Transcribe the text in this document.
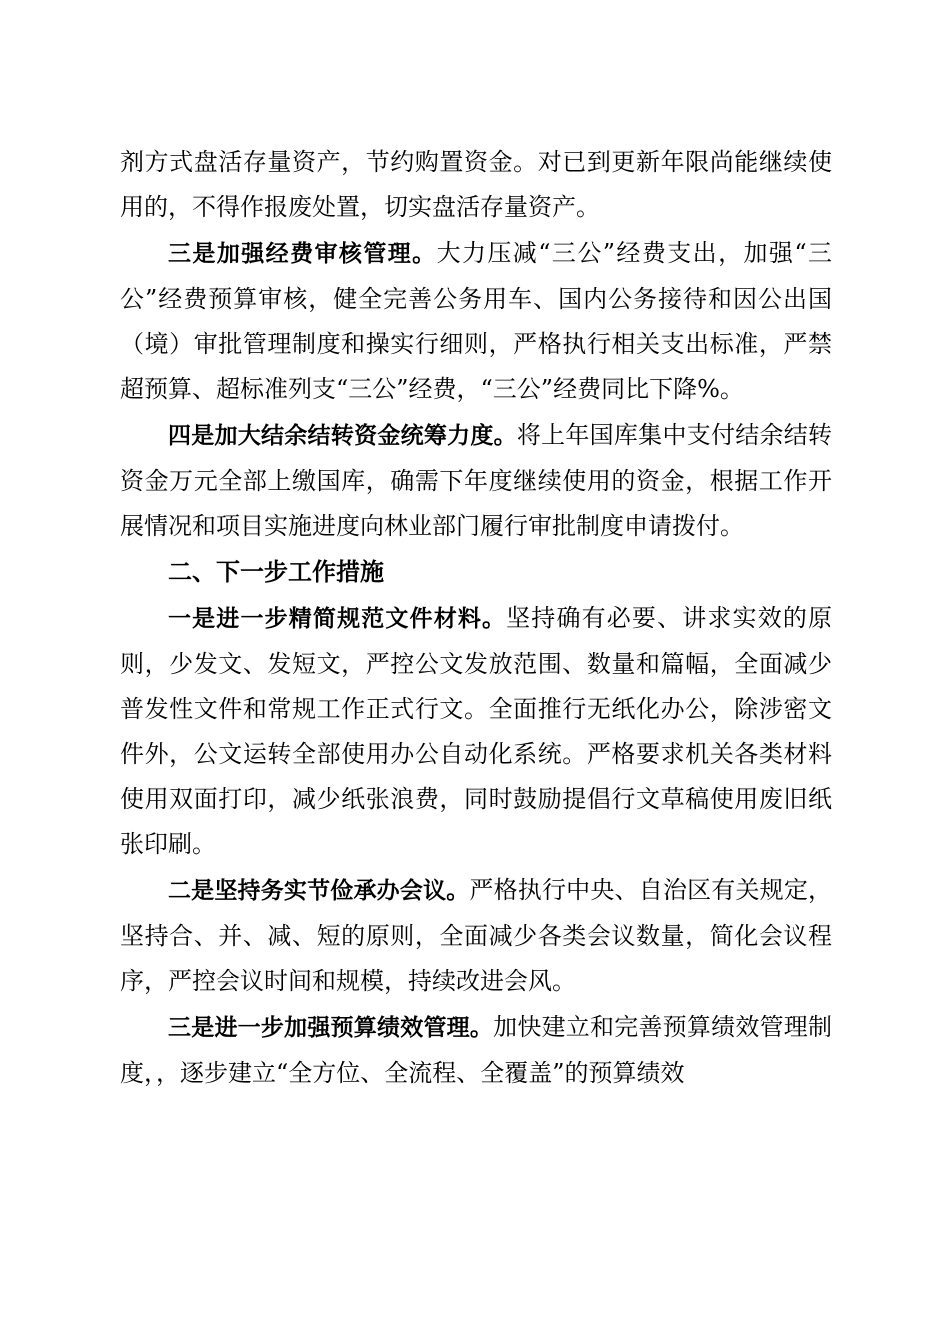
剂方式盘活存量资产，节约购置资金。对已到更新年限尚能继续使用的，不得作报废处置，切实盘活存量资产。

三是加强经费审核管理。大力压减“三公”经费支出，加强“三公”经费预算审核，健全完善公务用车、国内公务接待和因公出国（境）审批管理制度和操实行细则，严格执行相关支出标准，严禁超预算、超标准列支“三公”经费，“三公”经费同比下降%。

四是加大结余结转资金统筹力度。将上年国库集中支付结余结转资金万元全部上缴国库，确需下年度继续使用的资金，根据工作开展情况和项目实施进度向林业部门履行审批制度申请拨付。

二、下一步工作措施

一是进一步精简规范文件材料。坚持确有必要、讲求实效的原则，少发文、发短文，严控公文发放范围、数量和篇幅，全面减少普发性文件和常规工作正式行文。全面推行无纸化办公，除涉密文件外，公文运转全部使用办公自动化系统。严格要求机关各类材料使用双面打印，减少纸张浪费，同时鼓励提倡行文草稿使用废旧纸张印刷。

二是坚持务实节俭承办会议。严格执行中央、自治区有关规定，坚持合、并、减、短的原则，全面减少各类会议数量，简化会议程序，严控会议时间和规模，持续改进会风。

三是进一步加强预算绩效管理。加快建立和完善预算绩效管理制度，，逐步建立“全方位、全流程、全覆盖”的预算绩效
